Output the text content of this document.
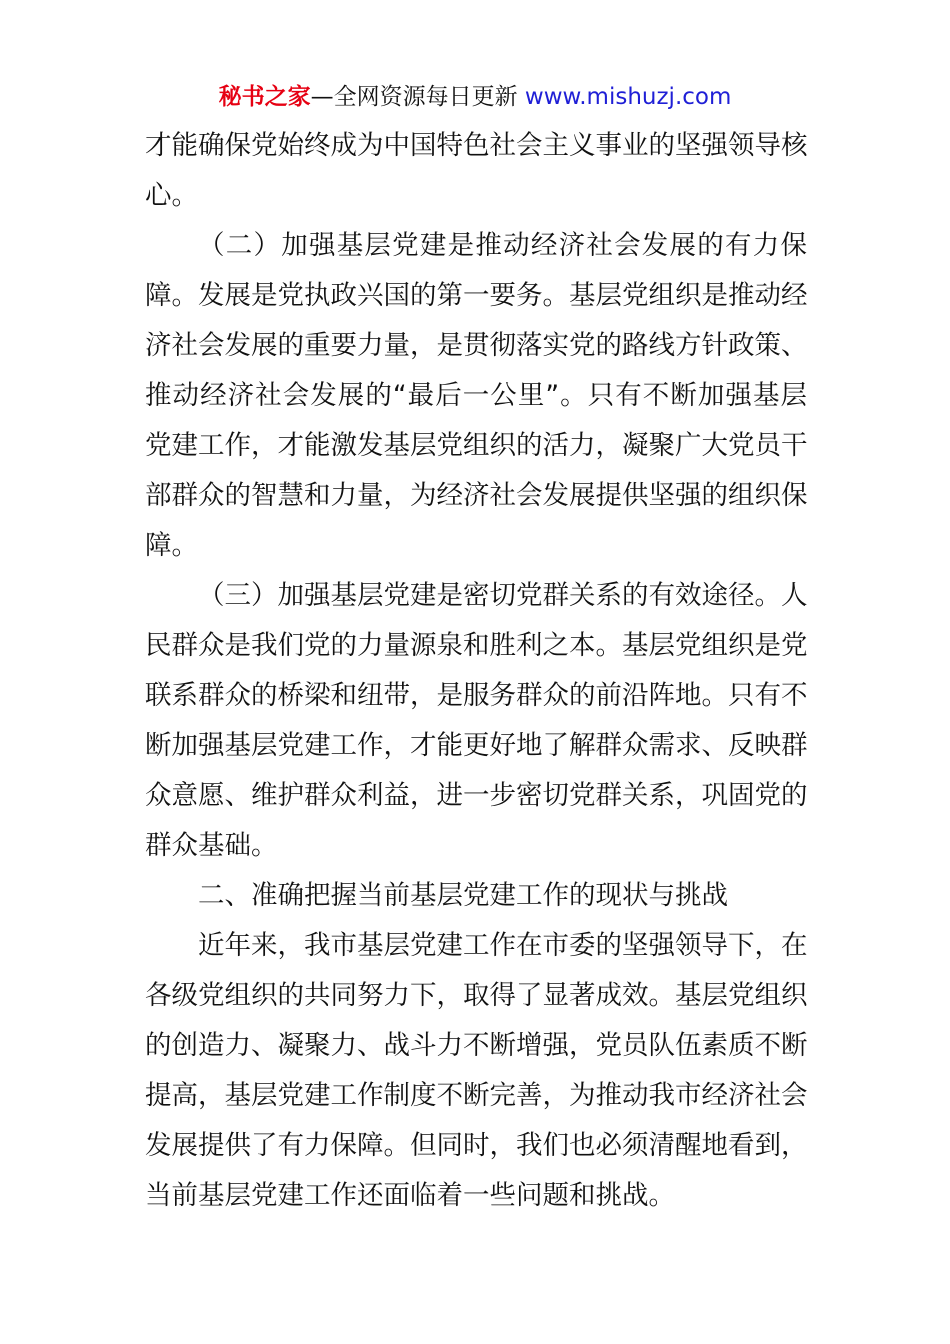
秘书之家—全网资源每日更新 www.mishuzj.com
才能确保党始终成为中国特色社会主义事业的坚强领导核
心。
（二）加强基层党建是推动经济社会发展的有力保
障。发展是党执政兴国的第一要务。基层党组织是推动经
济社会发展的重要力量，是贯彻落实党的路线方针政策、
推动经济社会发展的“最后一公里”。只有不断加强基层
党建工作，才能激发基层党组织的活力，凝聚广大党员干
部群众的智慧和力量，为经济社会发展提供坚强的组织保
障。
（三）加强基层党建是密切党群关系的有效途径。人
民群众是我们党的力量源泉和胜利之本。基层党组织是党
联系群众的桥梁和纽带，是服务群众的前沿阵地。只有不
断加强基层党建工作，才能更好地了解群众需求、反映群
众意愿、维护群众利益，进一步密切党群关系，巩固党的
群众基础。
二、准确把握当前基层党建工作的现状与挑战
近年来，我市基层党建工作在市委的坚强领导下，在
各级党组织的共同努力下，取得了显著成效。基层党组织
的创造力、凝聚力、战斗力不断增强，党员队伍素质不断
提高，基层党建工作制度不断完善，为推动我市经济社会
发展提供了有力保障。但同时，我们也必须清醒地看到，
当前基层党建工作还面临着一些问题和挑战。
